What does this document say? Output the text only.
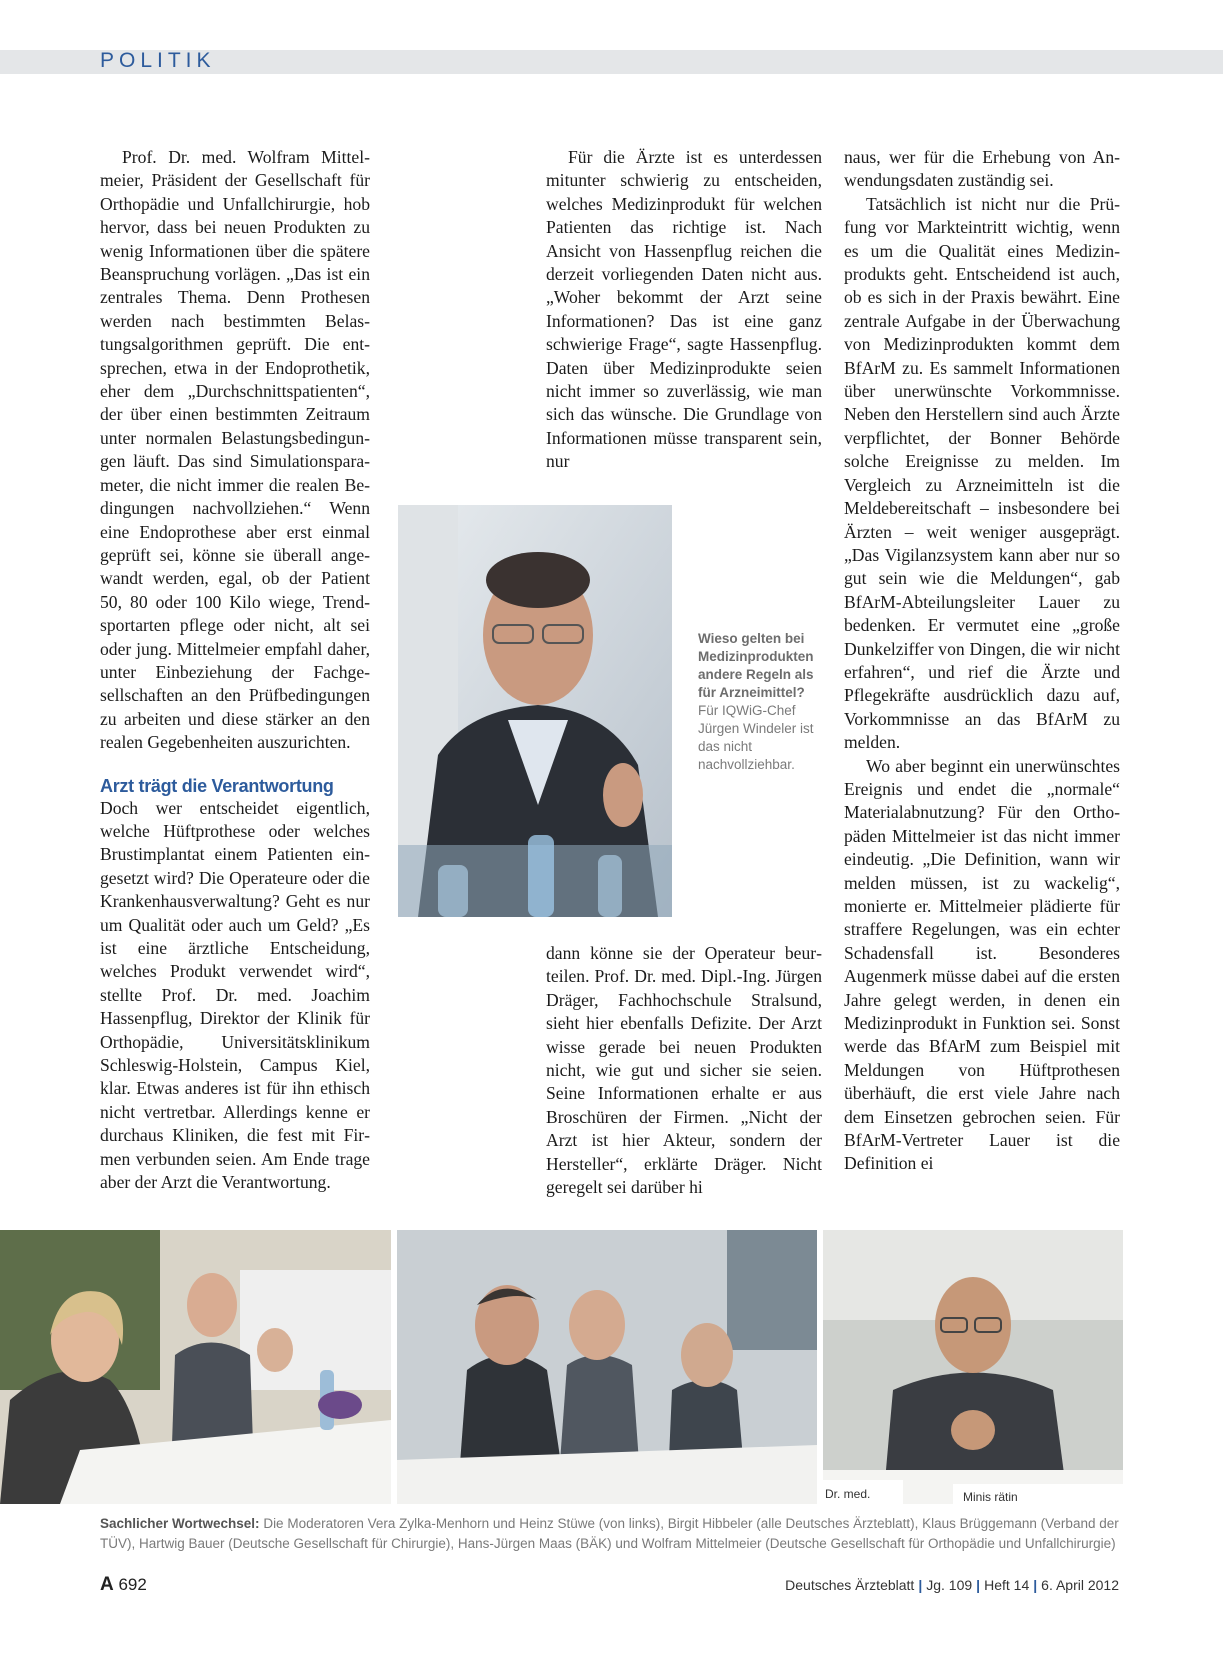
POLITIK

Prof. Dr. med. Wolfram Mittelmeier, Präsident der Gesellschaft für Orthopädie und Unfallchirurgie, hob hervor, dass bei neuen Produkten zu wenig Informationen über die spätere Beanspruchung vorlägen. „Das ist ein zentrales Thema. Denn Prothesen werden nach bestimmten Belastungsalgorithmen geprüft. Die entsprechen, etwa in der Endoprothetik, eher dem „Durchschnittspatienten“, der über einen bestimmten Zeitraum unter normalen Belastungsbedingungen läuft. Das sind Simulationsparameter, die nicht immer die realen Bedingungen nachvollziehen.“ Wenn eine Endoprothese aber erst einmal geprüft sei, könne sie überall angewandt werden, egal, ob der Patient 50, 80 oder 100 Kilo wiege, Trendsportarten pflege oder nicht, alt sei oder jung. Mittelmeier empfahl daher, unter Einbeziehung der Fachgesellschaften an den Prüfbedingungen zu arbeiten und diese stärker an den realen Gegebenheiten auszurichten.

Arzt trägt die Verantwortung

Doch wer entscheidet eigentlich, welche Hüftprothese oder welches Brustimplantat einem Patienten eingesetzt wird? Die Operateure oder die Krankenhausverwaltung? Geht es nur um Qualität oder auch um Geld? „Es ist eine ärztliche Entscheidung, welches Produkt verwendet wird“, stellte Prof. Dr. med. Joachim Hassenpflug, Direktor der Klinik für Orthopädie, Universitätsklinikum Schleswig-Holstein, Campus Kiel, klar. Etwas anderes ist für ihn ethisch nicht vertretbar. Allerdings kenne er durchaus Kliniken, die fest mit Firmen verbunden seien. Am Ende trage aber der Arzt die Verantwortung.

Für die Ärzte ist es unterdessen mitunter schwierig zu entscheiden, welches Medizinprodukt für welchen Patienten das richtige ist. Nach Ansicht von Hassenpflug reichen die derzeit vorliegenden Daten nicht aus. „Woher bekommt der Arzt seine Informationen? Das ist eine ganz schwierige Frage“, sagte Hassenpflug. Daten über Medizinprodukte seien nicht immer so zuverlässig, wie man sich das wünsche. Die Grundlage von Informationen müsse transparent sein, nur

Wieso gelten bei Medizinprodukten andere Regeln als für Arzneimittel?
Für IQWiG-Chef Jürgen Windeler ist das nicht nachvollziehbar.

dann könne sie der Operateur beurteilen. Prof. Dr. med. Dipl.-Ing. Jürgen Dräger, Fachhochschule Stralsund, sieht hier ebenfalls Defizite. Der Arzt wisse gerade bei neuen Produkten nicht, wie gut und sicher sie seien. Seine Informationen erhalte er aus Broschüren der Firmen. „Nicht der Arzt ist hier Akteur, sondern der Hersteller“, erklärte Dräger. Nicht geregelt sei darüber hi

naus, wer für die Erhebung von Anwendungsdaten zuständig sei.

Tatsächlich ist nicht nur die Prüfung vor Markteintritt wichtig, wenn es um die Qualität eines Medizinprodukts geht. Entscheidend ist auch, ob es sich in der Praxis bewährt. Eine zentrale Aufgabe in der Überwachung von Medizinprodukten kommt dem BfArM zu. Es sammelt Informationen über unerwünschte Vorkommnisse. Neben den Herstellern sind auch Ärzte verpflichtet, der Bonner Behörde solche Ereignisse zu melden. Im Vergleich zu Arzneimitteln ist die Meldebereitschaft – insbesondere bei Ärzten – weit weniger ausgeprägt. „Das Vigilanzsystem kann aber nur so gut sein wie die Meldungen“, gab BfArM-Abteilungsleiter Lauer zu bedenken. Er vermutet eine „große Dunkelziffer von Dingen, die wir nicht erfahren“, und rief die Ärzte und Pflegekräfte ausdrücklich dazu auf, Vorkommnisse an das BfArM zu melden.

Wo aber beginnt ein unerwünschtes Ereignis und endet die „normale“ Materialabnutzung? Für den Orthopäden Mittelmeier ist das nicht immer eindeutig. „Die Definition, wann wir melden müssen, ist zu wackelig“, monierte er. Mittelmeier plädierte für straffere Regelungen, was ein echter Schadensfall ist. Besonderes Augenmerk müsse dabei auf die ersten Jahre gelegt werden, in denen ein Medizinprodukt in Funktion sei. Sonst werde das BfArM zum Beispiel mit Meldungen von Hüftprothesen überhäuft, die erst viele Jahre nach dem Einsetzen gebrochen seien. Für BfArM-Vertreter Lauer ist die Definition ei

Dr. med.	Minis rätin
Sachlicher Wortwechsel: Die Moderatoren Vera Zylka-Menhorn und Heinz Stüwe (von links), Birgit Hibbeler (alle Deutsches Ärzteblatt), Klaus Brüggemann (Verband der TÜV), Hartwig Bauer (Deutsche Gesellschaft für Chirurgie), Hans-Jürgen Maas (BÄK) und Wolfram Mittelmeier (Deutsche Gesellschaft für Orthopädie und Unfallchirurgie)
A 692	Deutsches Ärzteblatt | Jg. 109 | Heft 14 | 6. April 2012
